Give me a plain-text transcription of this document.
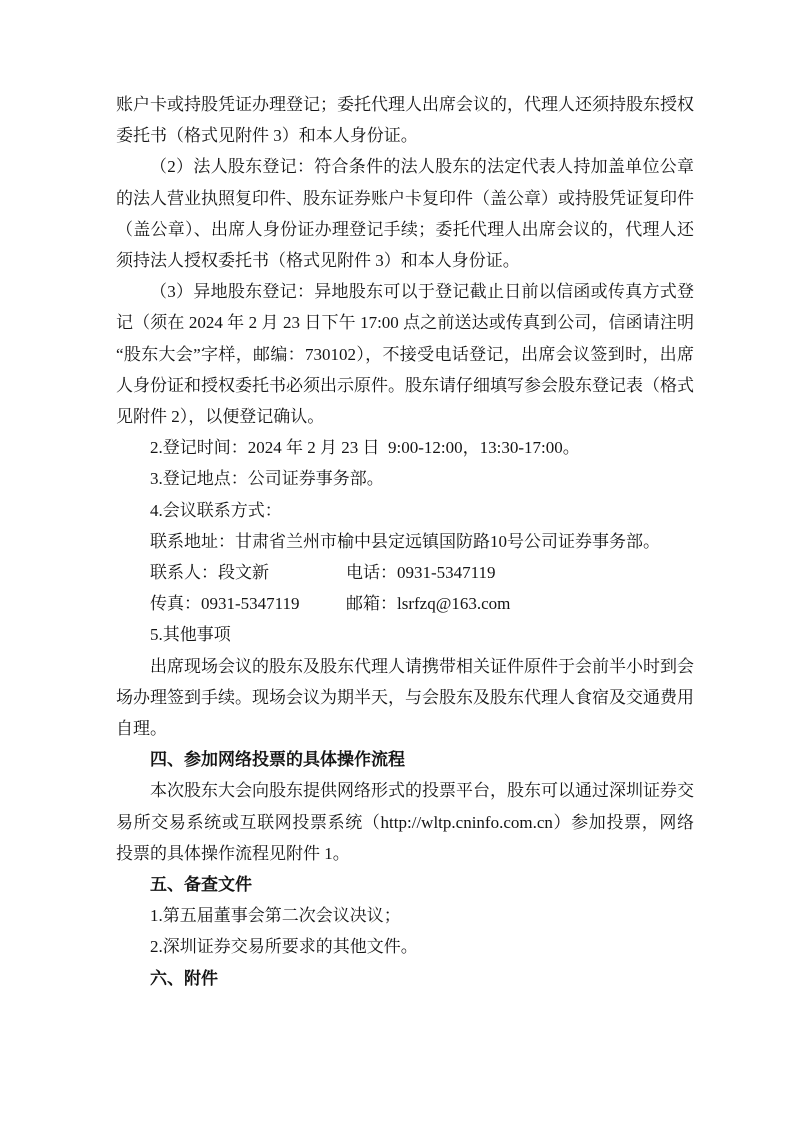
账户卡或持股凭证办理登记；委托代理人出席会议的，代理人还须持股东授权委托书（格式见附件 3）和本人身份证。

（2）法人股东登记：符合条件的法人股东的法定代表人持加盖单位公章的法人营业执照复印件、股东证券账户卡复印件（盖公章）或持股凭证复印件（盖公章）、出席人身份证办理登记手续；委托代理人出席会议的，代理人还须持法人授权委托书（格式见附件 3）和本人身份证。

（3）异地股东登记：异地股东可以于登记截止日前以信函或传真方式登记（须在 2024 年 2 月 23 日下午 17:00 点之前送达或传真到公司，信函请注明“股东大会”字样，邮编：730102），不接受电话登记，出席会议签到时，出席人身份证和授权委托书必须出示原件。股东请仔细填写参会股东登记表（格式见附件 2），以便登记确认。

2.登记时间：2024 年 2 月 23 日  9:00-12:00，13:30-17:00。

3.登记地点：公司证券事务部。

4.会议联系方式：

联系地址：甘肃省兰州市榆中县定远镇国防路10号公司证券事务部。

联系人：段文新	电话：0931-5347119
传真：0931-5347119	邮箱：lsrfzq@163.com

5.其他事项

出席现场会议的股东及股东代理人请携带相关证件原件于会前半小时到会场办理签到手续。现场会议为期半天，与会股东及股东代理人食宿及交通费用自理。

四、参加网络投票的具体操作流程

本次股东大会向股东提供网络形式的投票平台，股东可以通过深圳证券交易所交易系统或互联网投票系统（http://wltp.cninfo.com.cn）参加投票，网络投票的具体操作流程见附件 1。

五、备查文件

1.第五届董事会第二次会议决议；

2.深圳证券交易所要求的其他文件。

六、附件
